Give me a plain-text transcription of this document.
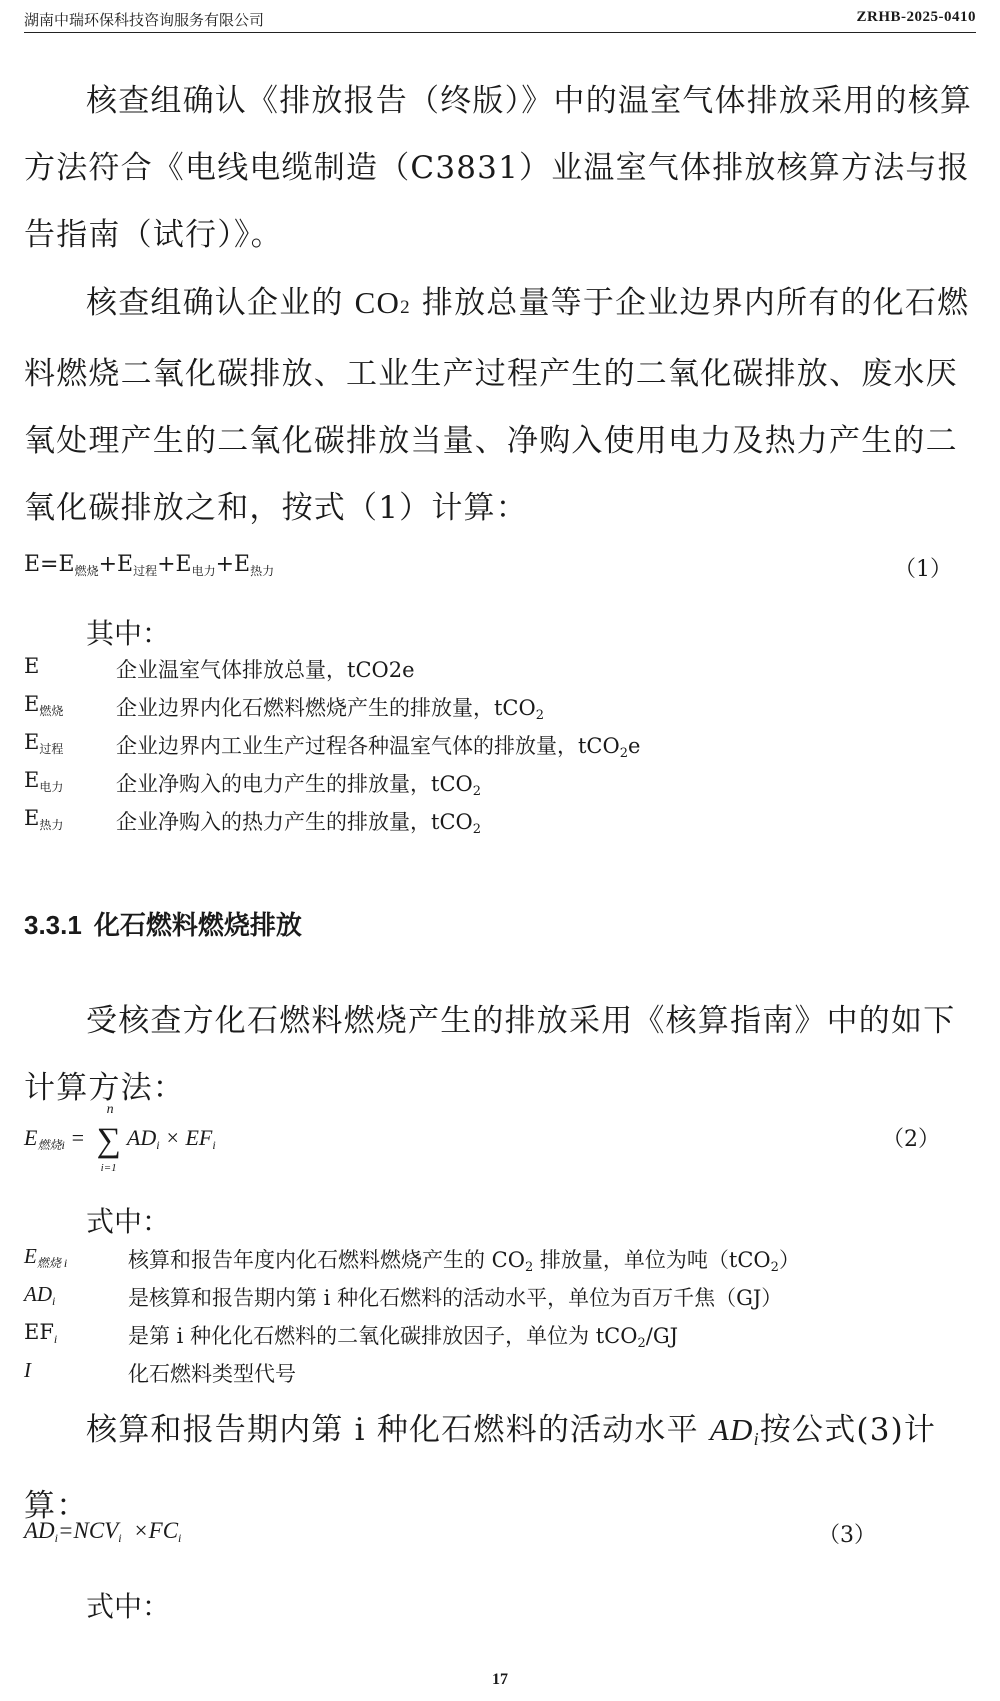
湖南中瑞环保科技咨询服务有限公司	ZRHB-2025-0410

核查组确认《排放报告（终版）》中的温室气体排放采用的核算方法符合《电线电缆制造（C3831）业温室气体排放核算方法与报告指南（试行）》。

核查组确认企业的 CO2 排放总量等于企业边界内所有的化石燃料燃烧二氧化碳排放、工业生产过程产生的二氧化碳排放、废水厌氧处理产生的二氧化碳排放当量、净购入使用电力及热力产生的二氧化碳排放之和，按式（1）计算：

$E=E_{燃烧}+E_{过程}+E_{电力}+E_{热力}$	（1）
其中：
E	企业温室气体排放总量，tCO2e
$E_{燃烧}$	企业边界内化石燃料燃烧产生的排放量，tCO2
$E_{过程}$	企业边界内工业生产过程各种温室气体的排放量，tCO2e
$E_{电力}$	企业净购入的电力产生的排放量，tCO2
$E_{热力}$	企业净购入的热力产生的排放量，tCO2
3.3.1 化石燃料燃烧排放

受核查方化石燃料燃烧产生的排放采用《核算指南》中的如下计算方法：

$E_{燃烧i}$ = ∑
n
i=1
$AD_i \times EF_i$	（2）
式中：
$E_{燃烧 i}$	核算和报告年度内化石燃料燃烧产生的 CO2 排放量，单位为吨（tCO2）
$AD_i$	是核算和报告期内第 i 种化石燃料的活动水平，单位为百万千焦（GJ）
$EF_i$	是第 i 种化化石燃料的二氧化碳排放因子，单位为 tCO2/GJ
I	化石燃料类型代号

核算和报告期内第 i 种化石燃料的活动水平 ADi按公式(3)计算：

$AD_i=NCV_i \times FC_i$	（3）
式中：
17
